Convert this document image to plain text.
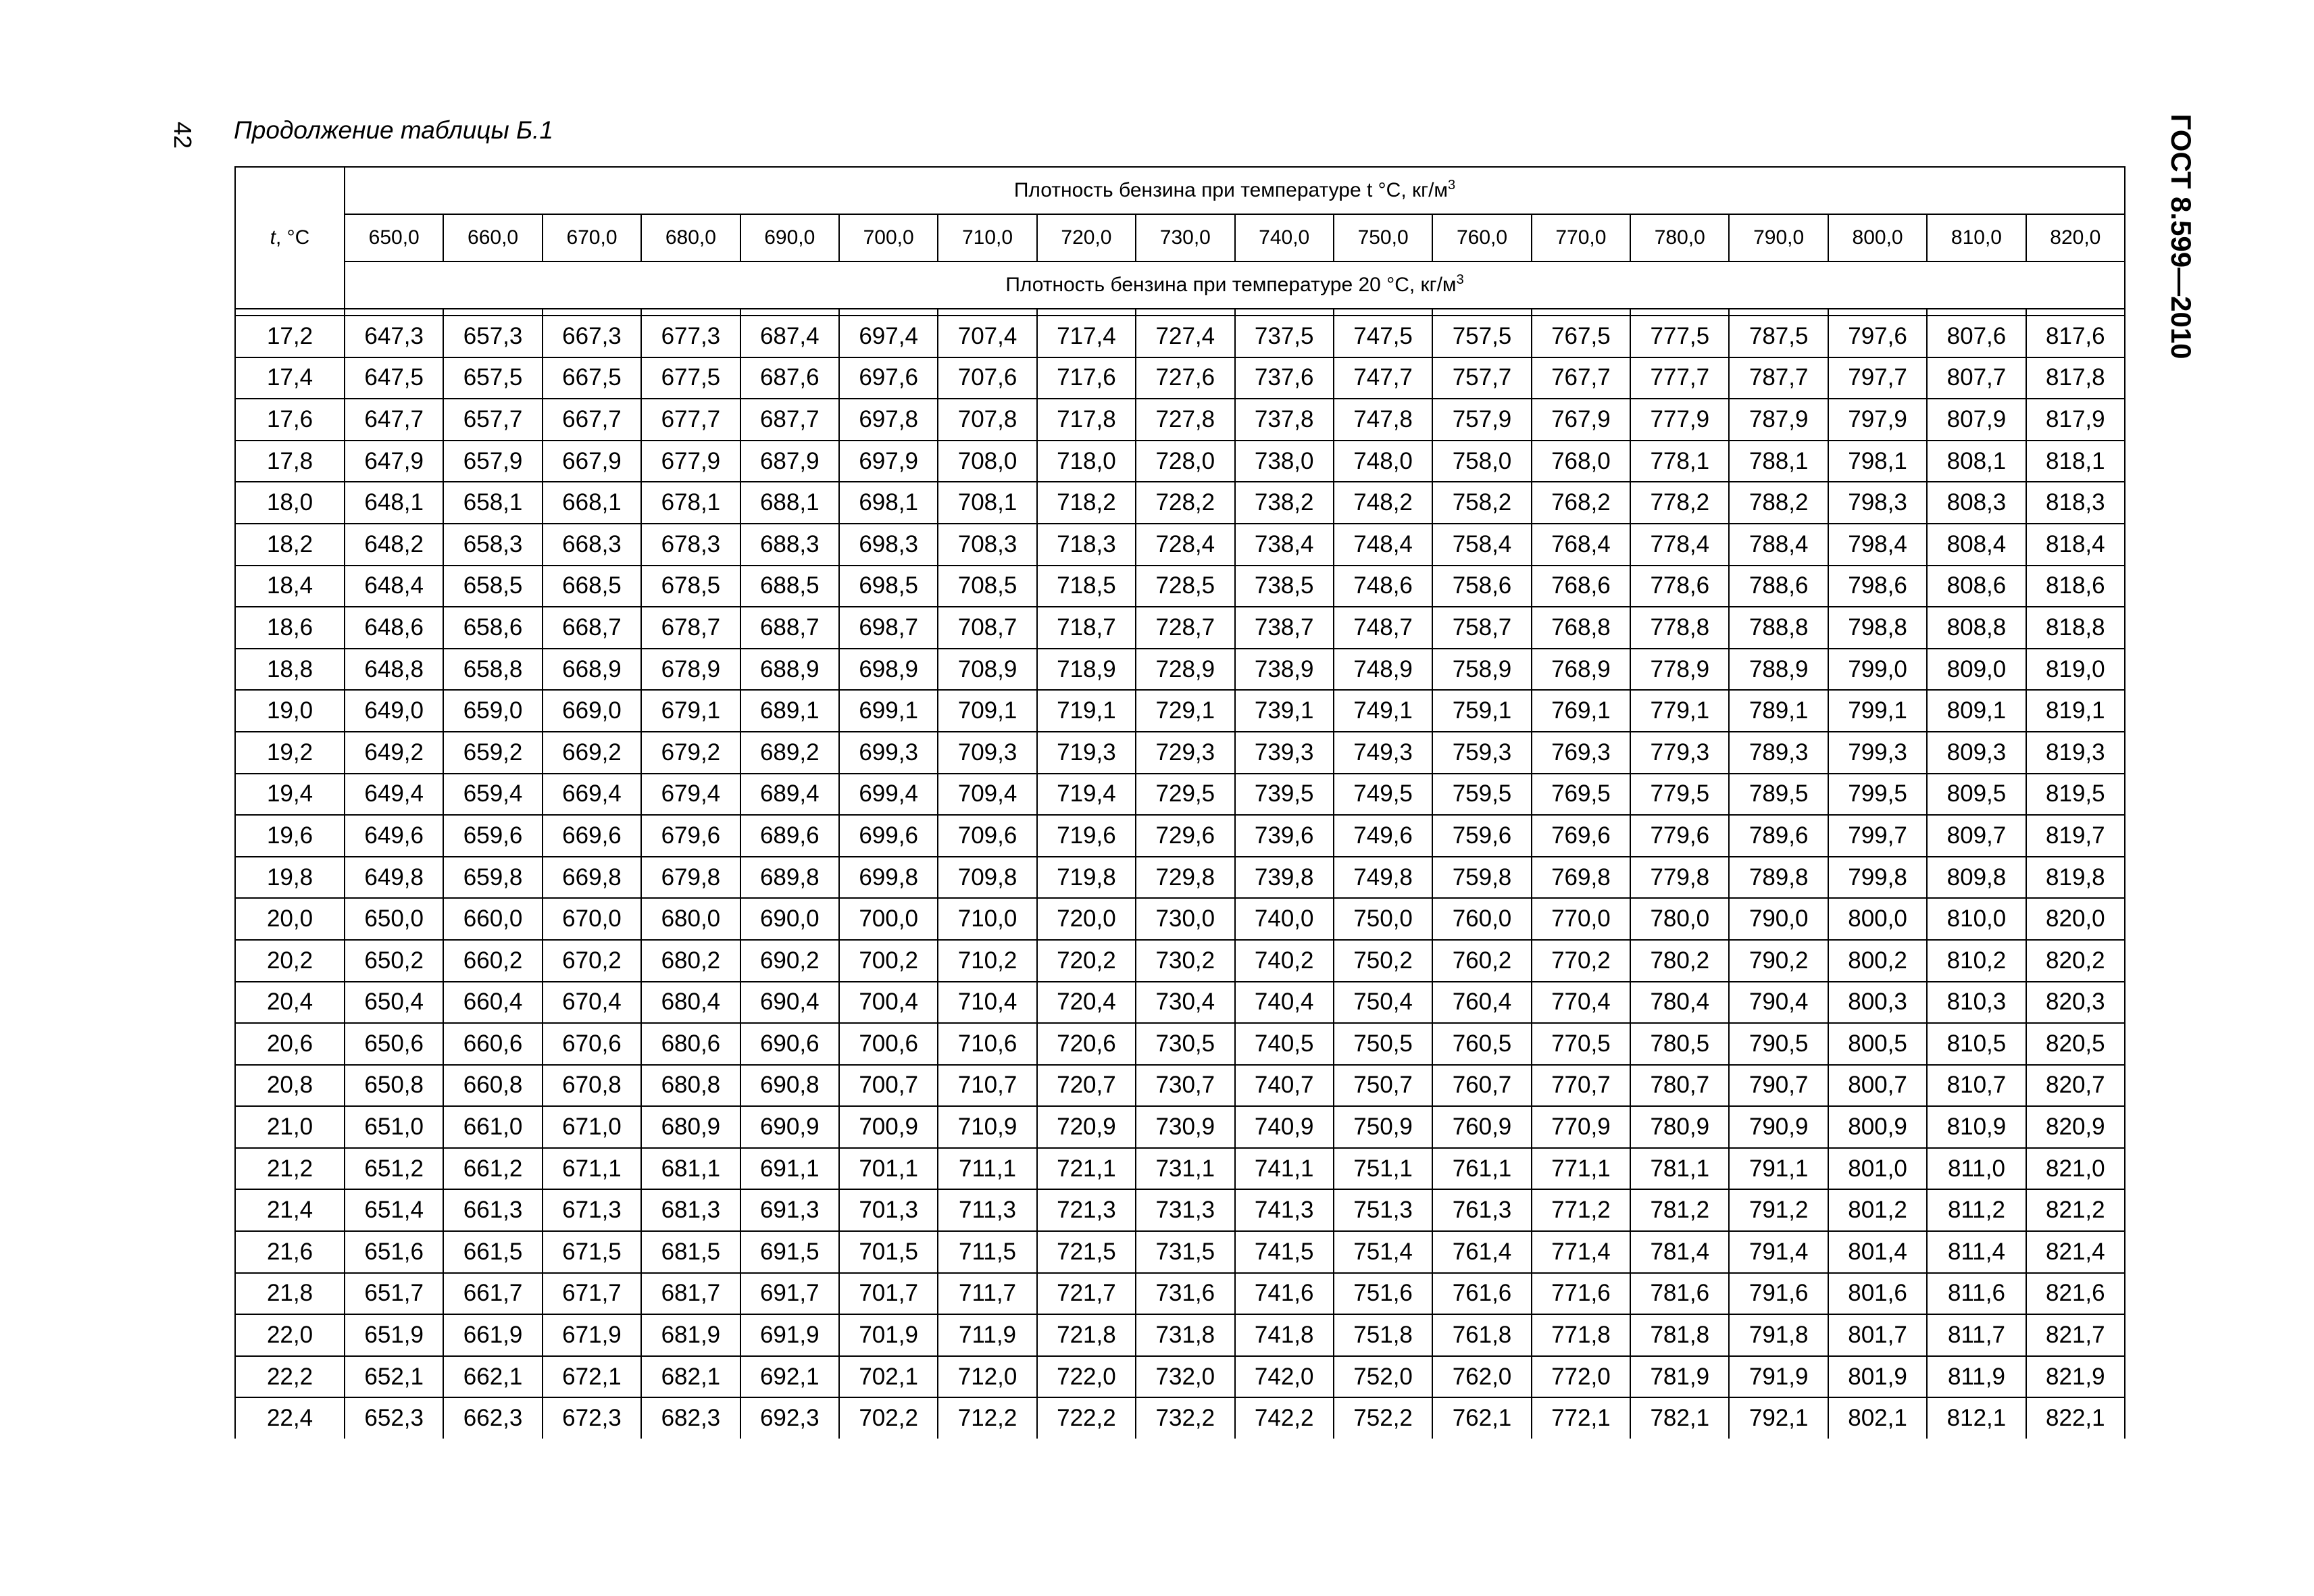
42 Продолжение таблицы Б.1	ГОСТ 8.599—2010
t, °C	Плотность бензина при температуре t °C, $кг/м^3$
	650,0	660,0	670,0	680,0	690,0	700,0	710,0	720,0	730,0	740,0	750,0	760,0	770,0	780,0	790,0	800,0	810,0	820,0
	Плотность бензина при температуре 20 °C, $кг/м^3$

17,2	647,3	657,3	667,3	677,3	687,4	697,4	707,4	717,4	727,4	737,5	747,5	757,5	767,5	777,5	787,5	797,6	807,6	817,6
17,4	647,5	657,5	667,5	677,5	687,6	697,6	707,6	717,6	727,6	737,6	747,7	757,7	767,7	777,7	787,7	797,7	807,7	817,8
17,6	647,7	657,7	667,7	677,7	687,7	697,8	707,8	717,8	727,8	737,8	747,8	757,9	767,9	777,9	787,9	797,9	807,9	817,9
17,8	647,9	657,9	667,9	677,9	687,9	697,9	708,0	718,0	728,0	738,0	748,0	758,0	768,0	778,1	788,1	798,1	808,1	818,1
18,0	648,1	658,1	668,1	678,1	688,1	698,1	708,1	718,2	728,2	738,2	748,2	758,2	768,2	778,2	788,2	798,3	808,3	818,3
18,2	648,2	658,3	668,3	678,3	688,3	698,3	708,3	718,3	728,4	738,4	748,4	758,4	768,4	778,4	788,4	798,4	808,4	818,4
18,4	648,4	658,5	668,5	678,5	688,5	698,5	708,5	718,5	728,5	738,5	748,6	758,6	768,6	778,6	788,6	798,6	808,6	818,6
18,6	648,6	658,6	668,7	678,7	688,7	698,7	708,7	718,7	728,7	738,7	748,7	758,7	768,8	778,8	788,8	798,8	808,8	818,8
18,8	648,8	658,8	668,9	678,9	688,9	698,9	708,9	718,9	728,9	738,9	748,9	758,9	768,9	778,9	788,9	799,0	809,0	819,0
19,0	649,0	659,0	669,0	679,1	689,1	699,1	709,1	719,1	729,1	739,1	749,1	759,1	769,1	779,1	789,1	799,1	809,1	819,1
19,2	649,2	659,2	669,2	679,2	689,2	699,3	709,3	719,3	729,3	739,3	749,3	759,3	769,3	779,3	789,3	799,3	809,3	819,3
19,4	649,4	659,4	669,4	679,4	689,4	699,4	709,4	719,4	729,5	739,5	749,5	759,5	769,5	779,5	789,5	799,5	809,5	819,5
19,6	649,6	659,6	669,6	679,6	689,6	699,6	709,6	719,6	729,6	739,6	749,6	759,6	769,6	779,6	789,6	799,7	809,7	819,7
19,8	649,8	659,8	669,8	679,8	689,8	699,8	709,8	719,8	729,8	739,8	749,8	759,8	769,8	779,8	789,8	799,8	809,8	819,8
20,0	650,0	660,0	670,0	680,0	690,0	700,0	710,0	720,0	730,0	740,0	750,0	760,0	770,0	780,0	790,0	800,0	810,0	820,0
20,2	650,2	660,2	670,2	680,2	690,2	700,2	710,2	720,2	730,2	740,2	750,2	760,2	770,2	780,2	790,2	800,2	810,2	820,2
20,4	650,4	660,4	670,4	680,4	690,4	700,4	710,4	720,4	730,4	740,4	750,4	760,4	770,4	780,4	790,4	800,3	810,3	820,3
20,6	650,6	660,6	670,6	680,6	690,6	700,6	710,6	720,6	730,5	740,5	750,5	760,5	770,5	780,5	790,5	800,5	810,5	820,5
20,8	650,8	660,8	670,8	680,8	690,8	700,7	710,7	720,7	730,7	740,7	750,7	760,7	770,7	780,7	790,7	800,7	810,7	820,7
21,0	651,0	661,0	671,0	680,9	690,9	700,9	710,9	720,9	730,9	740,9	750,9	760,9	770,9	780,9	790,9	800,9	810,9	820,9
21,2	651,2	661,2	671,1	681,1	691,1	701,1	711,1	721,1	731,1	741,1	751,1	761,1	771,1	781,1	791,1	801,0	811,0	821,0
21,4	651,4	661,3	671,3	681,3	691,3	701,3	711,3	721,3	731,3	741,3	751,3	761,3	771,2	781,2	791,2	801,2	811,2	821,2
21,6	651,6	661,5	671,5	681,5	691,5	701,5	711,5	721,5	731,5	741,5	751,4	761,4	771,4	781,4	791,4	801,4	811,4	821,4
21,8	651,7	661,7	671,7	681,7	691,7	701,7	711,7	721,7	731,6	741,6	751,6	761,6	771,6	781,6	791,6	801,6	811,6	821,6
22,0	651,9	661,9	671,9	681,9	691,9	701,9	711,9	721,8	731,8	741,8	751,8	761,8	771,8	781,8	791,8	801,7	811,7	821,7
22,2	652,1	662,1	672,1	682,1	692,1	702,1	712,0	722,0	732,0	742,0	752,0	762,0	772,0	781,9	791,9	801,9	811,9	821,9
22,4	652,3	662,3	672,3	682,3	692,3	702,2	712,2	722,2	732,2	742,2	752,2	762,1	772,1	782,1	792,1	802,1	812,1	822,1
